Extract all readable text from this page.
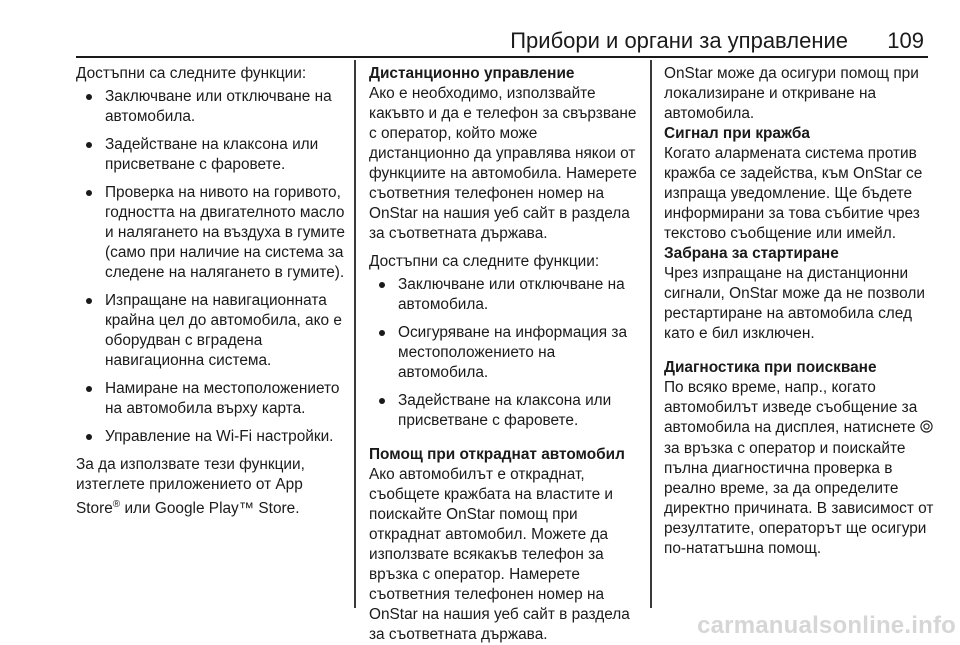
Прибори и органи за управление 109

Достъпни са следните функции:

Заключване или отключване на автомобила.
Задействане на клаксона или присветване с фаровете.
Проверка на нивото на горивото, годността на двигателното масло и налягането на въздуха в гумите (само при наличие на система за следене на налягането в гумите).
Изпращане на навигационната крайна цел до автомобила, ако е оборудван с вградена навигационна система.
Намиране на местоположението на автомобила върху карта.
Управление на Wi-Fi настройки.

За да използвате тези функции, изтеглете приложението от App Store® или Google Play™ Store.

Дистанционно управление

Ако е необходимо, използвайте какъвто и да е телефон за свързване с оператор, който може дистанционно да управлява някои от функциите на автомобила. Намерете съответния телефонен номер на OnStar на нашия уеб сайт в раздела за съответната държава.

Достъпни са следните функции:

Заключване или отключване на автомобила.
Осигуряване на информация за местоположението на автомобила.
Задействане на клаксона или присветване с фаровете.

Помощ при откраднат автомобил

Ако автомобилът е откраднат, съобщете кражбата на властите и поискайте OnStar помощ при откраднат автомобил. Можете да използвате всякакъв телефон за връзка с оператор. Намерете съответния телефонен номер на OnStar на нашия уеб сайт в раздела за съответната държава.

OnStar може да осигури помощ при локализиране и откриване на автомобила.

Сигнал при кражба

Когато алармената система против кражба се задейства, към OnStar се изпраща уведомление. Ще бъдете информирани за това събитие чрез текстово съобщение или имейл.

Забрана за стартиране

Чрез изпращане на дистанционни сигнали, OnStar може да не позволи рестартиране на автомобила след като е бил изключен.

Диагностика при поискване

По всяко време, напр., когато автомобилът изведе съобщение за автомобила на дисплея, натиснете  за връзка с оператор и поискайте пълна диагностична проверка в реално време, за да определите директно причината. В зависимост от резултатите, операторът ще осигури по-нататъшна помощ.

carmanualsonline.info
